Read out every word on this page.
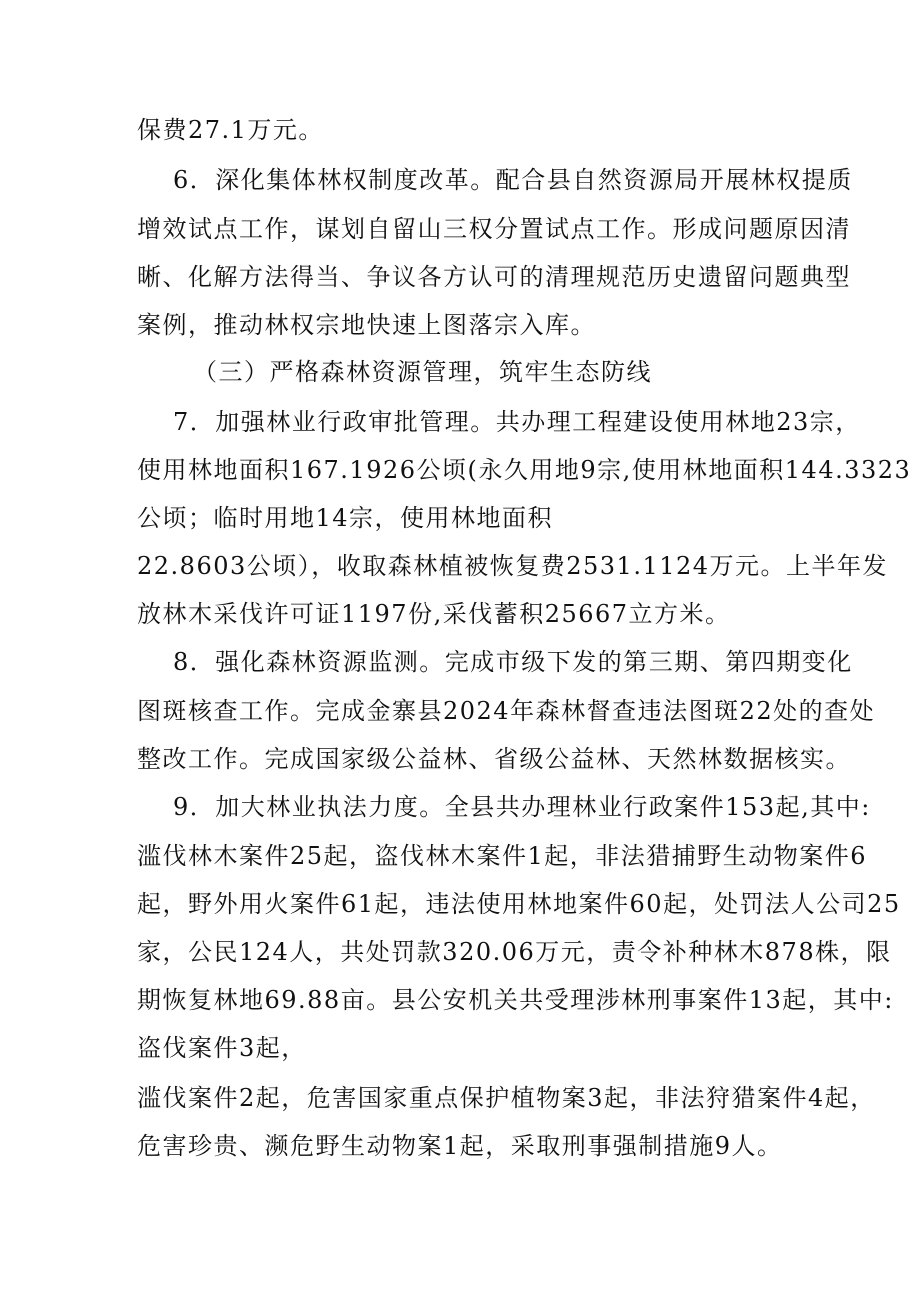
保费27.1万元。
6．深化集体林权制度改革。配合县自然资源局开展林权提质
增效试点工作，谋划自留山三权分置试点工作。形成问题原因清
晰、化解方法得当、争议各方认可的清理规范历史遗留问题典型
案例，推动林权宗地快速上图落宗入库。
（三）严格森林资源管理，筑牢生态防线
7．加强林业行政审批管理。共办理工程建设使用林地23宗，
使用林地面积167.1926公顷(永久用地9宗,使用林地面积144.3323
公顷；临时用地14宗，使用林地面积
22.8603公顷），收取森林植被恢复费2531.1124万元。上半年发
放林木采伐许可证1197份,采伐蓄积25667立方米。
8．强化森林资源监测。完成市级下发的第三期、第四期变化
图斑核查工作。完成金寨县2024年森林督查违法图斑22处的查处
整改工作。完成国家级公益林、省级公益林、天然林数据核实。
9．加大林业执法力度。全县共办理林业行政案件153起,其中:
滥伐林木案件25起，盗伐林木案件1起，非法猎捕野生动物案件6
起，野外用火案件61起，违法使用林地案件60起，处罚法人公司25
家，公民124人，共处罚款320.06万元，责令补种林木878株，限
期恢复林地69.88亩。县公安机关共受理涉林刑事案件13起，其中:
盗伐案件3起，
滥伐案件2起，危害国家重点保护植物案3起，非法狩猎案件4起，
危害珍贵、濒危野生动物案1起，采取刑事强制措施9人。
